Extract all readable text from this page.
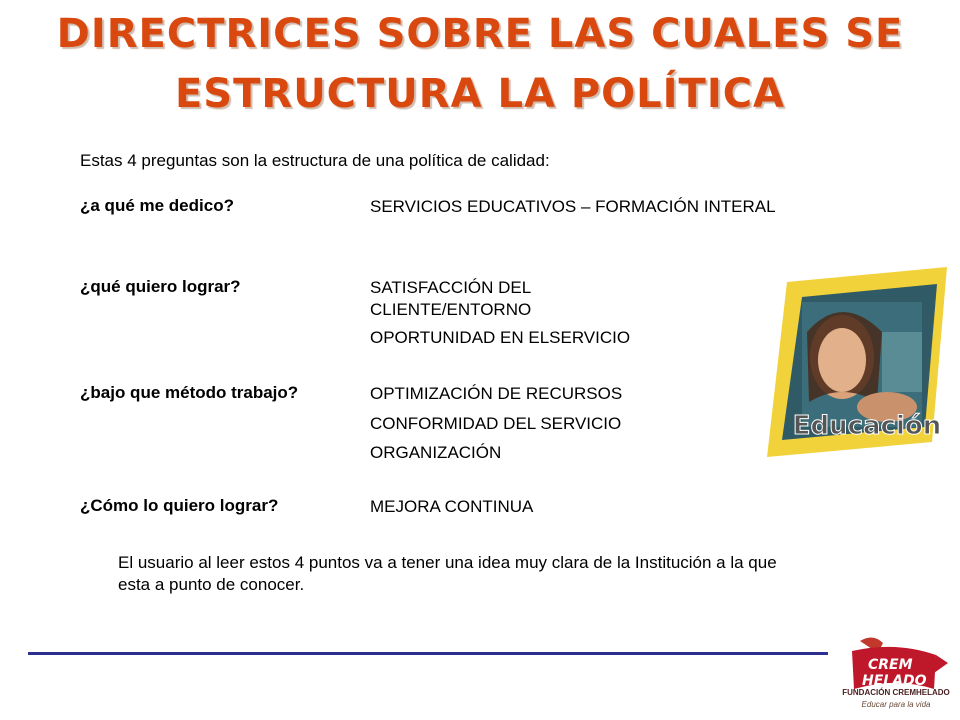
DIRECTRICES SOBRE LAS CUALES SE
ESTRUCTURA LA POLÍTICA
Estas 4 preguntas son la estructura de una política de calidad:
¿a qué me dedico?	SERVICIOS EDUCATIVOS – FORMACIÓN INTERAL
¿qué quiero lograr?	SATISFACCIÓN DEL CLIENTE/ENTORNO
OPORTUNIDAD EN ELSERVICIO
¿bajo que método trabajo?	OPTIMIZACIÓN DE RECURSOS
CONFORMIDAD DEL SERVICIO
ORGANIZACIÓN
¿Cómo lo quiero lograr?	MEJORA CONTINUA
El usuario al leer estos 4 puntos va a tener una idea muy clara de la Institución a la que esta a punto de conocer.
Educación
CREM
HELADO
FUNDACIÓN CREMHELADO
Educar para la vida
